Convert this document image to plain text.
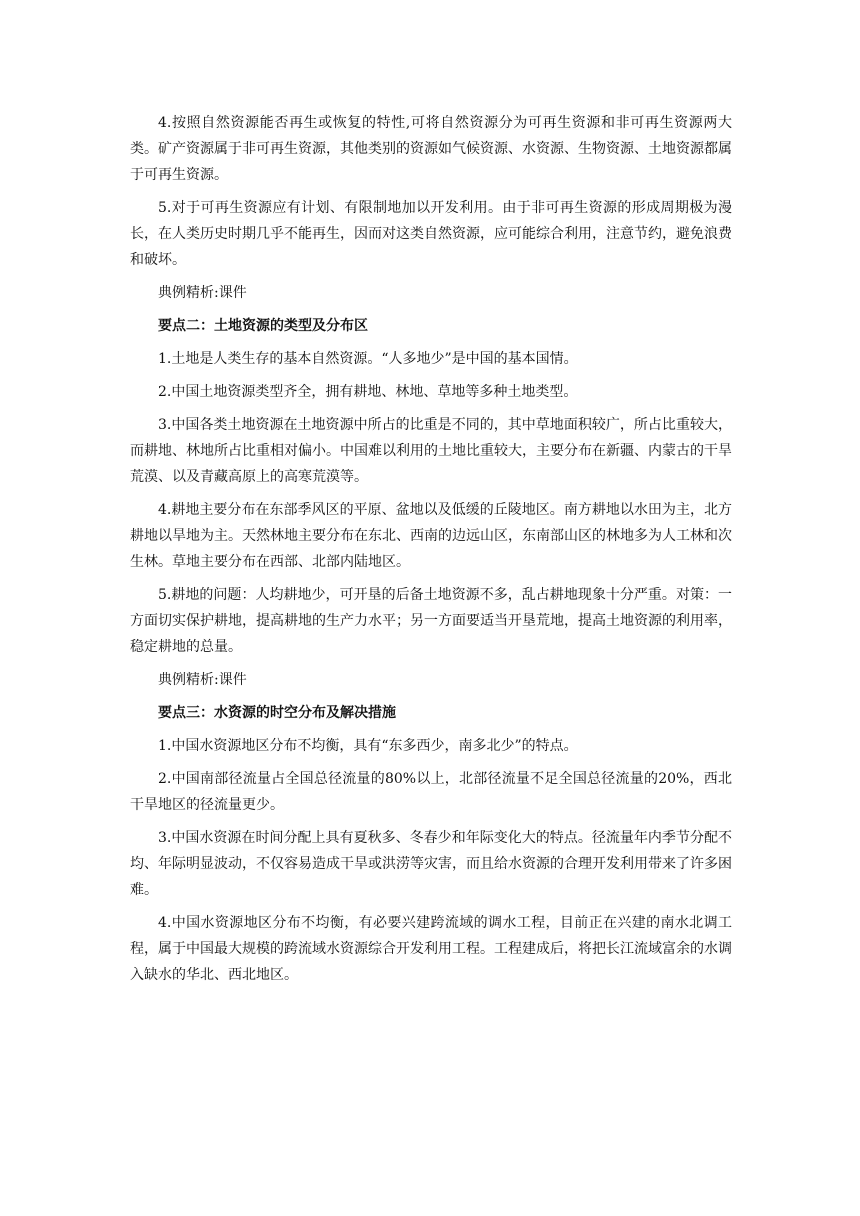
4.按照自然资源能否再生或恢复的特性,可将自然资源分为可再生资源和非可再生资源两大类。矿产资源属于非可再生资源，其他类别的资源如气候资源、水资源、生物资源、土地资源都属于可再生资源。

5.对于可再生资源应有计划、有限制地加以开发利用。由于非可再生资源的形成周期极为漫长，在人类历史时期几乎不能再生，因而对这类自然资源，应可能综合利用，注意节约，避免浪费和破坏。

典例精析:课件

要点二：土地资源的类型及分布区

1.土地是人类生存的基本自然资源。“人多地少”是中国的基本国情。

2.中国土地资源类型齐全，拥有耕地、林地、草地等多种土地类型。

3.中国各类土地资源在土地资源中所占的比重是不同的，其中草地面积较广，所占比重较大，而耕地、林地所占比重相对偏小。中国难以利用的土地比重较大，主要分布在新疆、内蒙古的干旱荒漠、以及青藏高原上的高寒荒漠等。

4.耕地主要分布在东部季风区的平原、盆地以及低缓的丘陵地区。南方耕地以水田为主，北方耕地以旱地为主。天然林地主要分布在东北、西南的边远山区，东南部山区的林地多为人工林和次生林。草地主要分布在西部、北部内陆地区。

5.耕地的问题：人均耕地少，可开垦的后备土地资源不多，乱占耕地现象十分严重。对策：一方面切实保护耕地，提高耕地的生产力水平；另一方面要适当开垦荒地，提高土地资源的利用率，稳定耕地的总量。

典例精析:课件

要点三：水资源的时空分布及解决措施

1.中国水资源地区分布不均衡，具有“东多西少，南多北少”的特点。

2.中国南部径流量占全国总径流量的80%以上，北部径流量不足全国总径流量的20%，西北干旱地区的径流量更少。

3.中国水资源在时间分配上具有夏秋多、冬春少和年际变化大的特点。径流量年内季节分配不均、年际明显波动，不仅容易造成干旱或洪涝等灾害，而且给水资源的合理开发利用带来了许多困难。

4.中国水资源地区分布不均衡，有必要兴建跨流域的调水工程，目前正在兴建的南水北调工程，属于中国最大规模的跨流域水资源综合开发利用工程。工程建成后，将把长江流域富余的水调入缺水的华北、西北地区。
